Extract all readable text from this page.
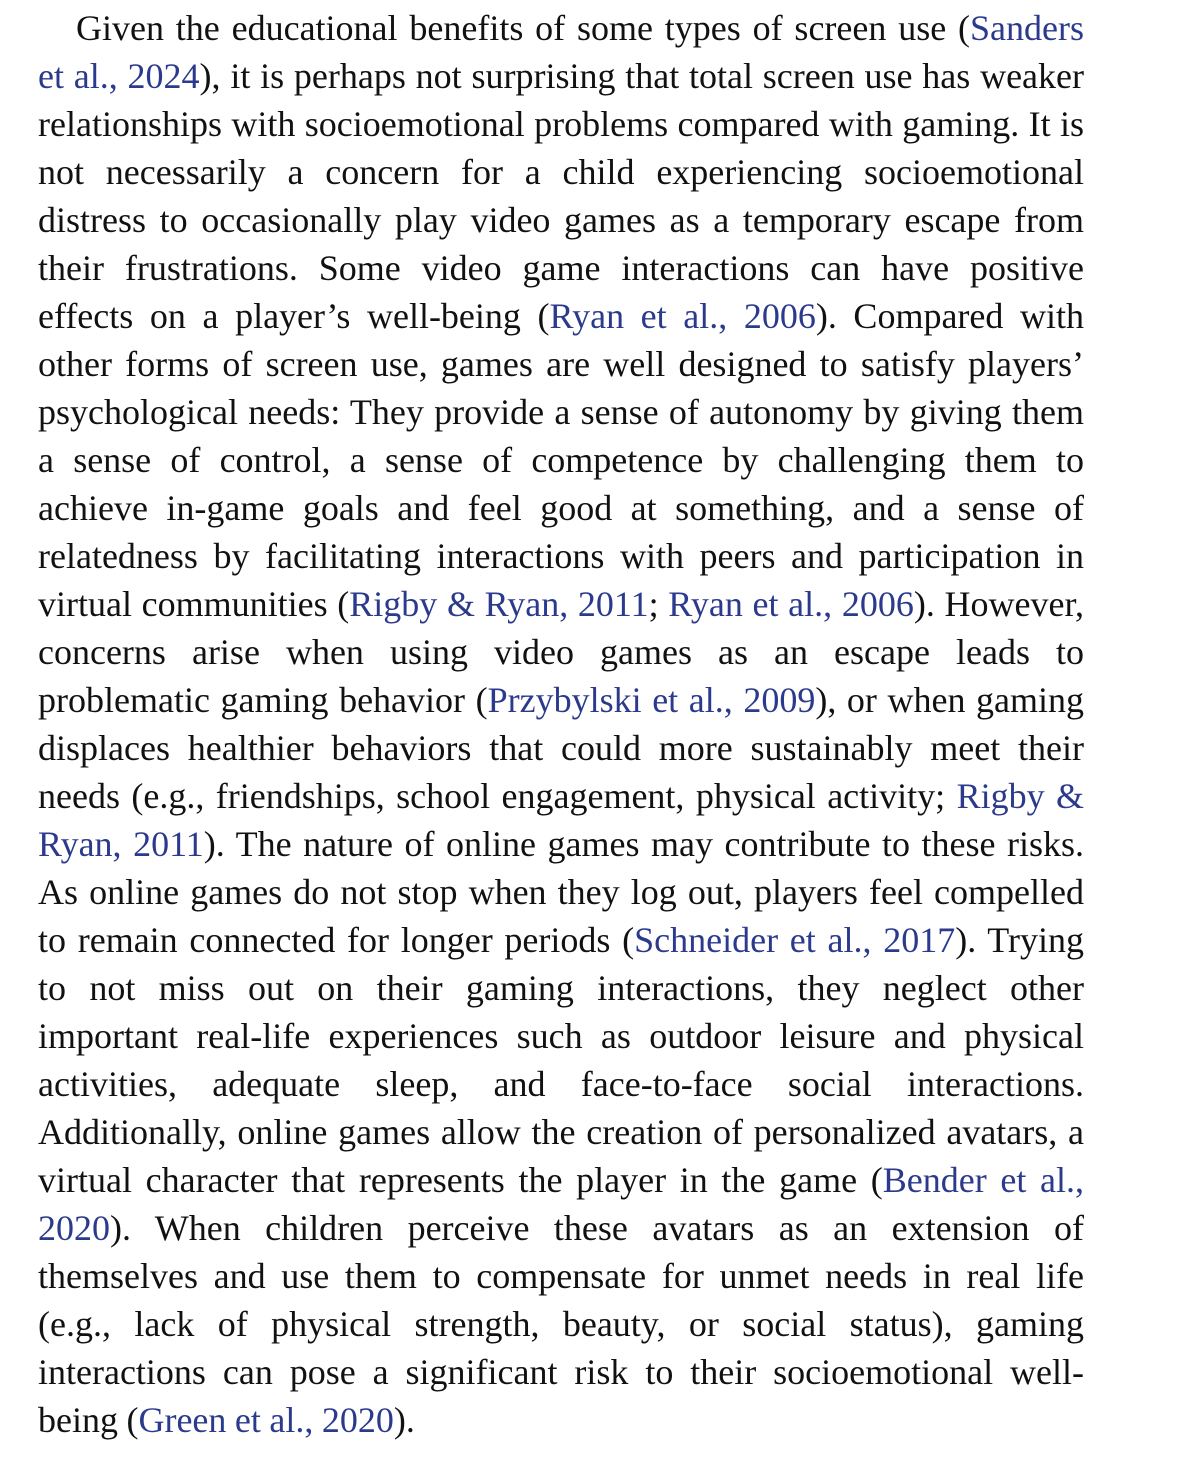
Given the educational benefits of some types of screen use (Sanders et al., 2024), it is perhaps not surprising that total screen use has weaker relationships with socioemotional problems compared with gaming. It is not necessarily a concern for a child experiencing socioemotional distress to occasionally play video games as a temporary escape from their frustrations. Some video game interactions can have positive effects on a player’s well-being (Ryan et al., 2006). Compared with other forms of screen use, games are well designed to satisfy players’ psychological needs: They provide a sense of autonomy by giving them a sense of control, a sense of competence by challenging them to achieve in-game goals and feel good at something, and a sense of relatedness by facilitating interactions with peers and participation in virtual communities (Rigby & Ryan, 2011; Ryan et al., 2006). However, concerns arise when using video games as an escape leads to problematic gaming behavior (Przybylski et al., 2009), or when gaming displaces healthier behaviors that could more sustainably meet their needs (e.g., friendships, school engagement, physical activity; Rigby & Ryan, 2011). The nature of online games may contribute to these risks. As online games do not stop when they log out, players feel compelled to remain connected for longer periods (Schneider et al., 2017). Trying to not miss out on their gaming interactions, they neglect other important real-life experiences such as outdoor leisure and physical activities, adequate sleep, and face-to-face social interactions. Additionally, online games allow the creation of personalized avatars, a virtual character that represents the player in the game (Bender et al., 2020). When children perceive these avatars as an extension of themselves and use them to compensate for unmet needs in real life (e.g., lack of physical strength, beauty, or social status), gaming interactions can pose a significant risk to their socioemotional well-being (Green et al., 2020).
